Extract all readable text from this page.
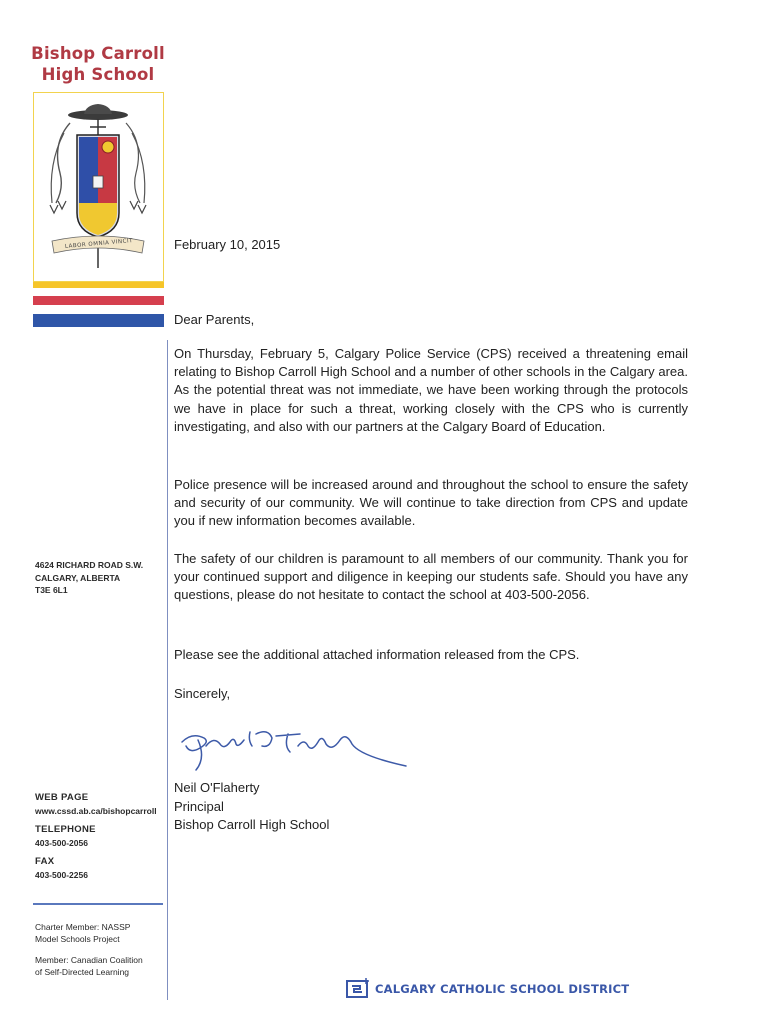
Bishop Carroll
High School
LABOR OMNIA VINCIT
4624 RICHARD ROAD S.W.
CALGARY, ALBERTA
T3E 6L1
WEB PAGE
www.cssd.ab.ca/bishopcarroll
TELEPHONE
403-500-2056
FAX
403-500-2256
Charter Member: NASSP
Model Schools Project
Member: Canadian Coalition
of Self-Directed Learning
February 10, 2015
Dear Parents,
On Thursday, February 5, Calgary Police Service (CPS) received a threatening email relating to Bishop Carroll High School and a number of other schools in the Calgary area. As the potential threat was not immediate, we have been working through the protocols we have in place for such a threat, working closely with the CPS who is currently investigating, and also with our partners at the Calgary Board of Education.
Police presence will be increased around and throughout the school to ensure the safety and security of our community. We will continue to take direction from CPS and update you if new information becomes available.
The safety of our children is paramount to all members of our community. Thank you for your continued support and diligence in keeping our students safe. Should you have any questions, please do not hesitate to contact the school at 403-500-2056.
Please see the additional attached information released from the CPS.
Sincerely,
Neil O'Flaherty
Principal
Bishop Carroll High School
CALGARY CATHOLIC SCHOOL DISTRICT
